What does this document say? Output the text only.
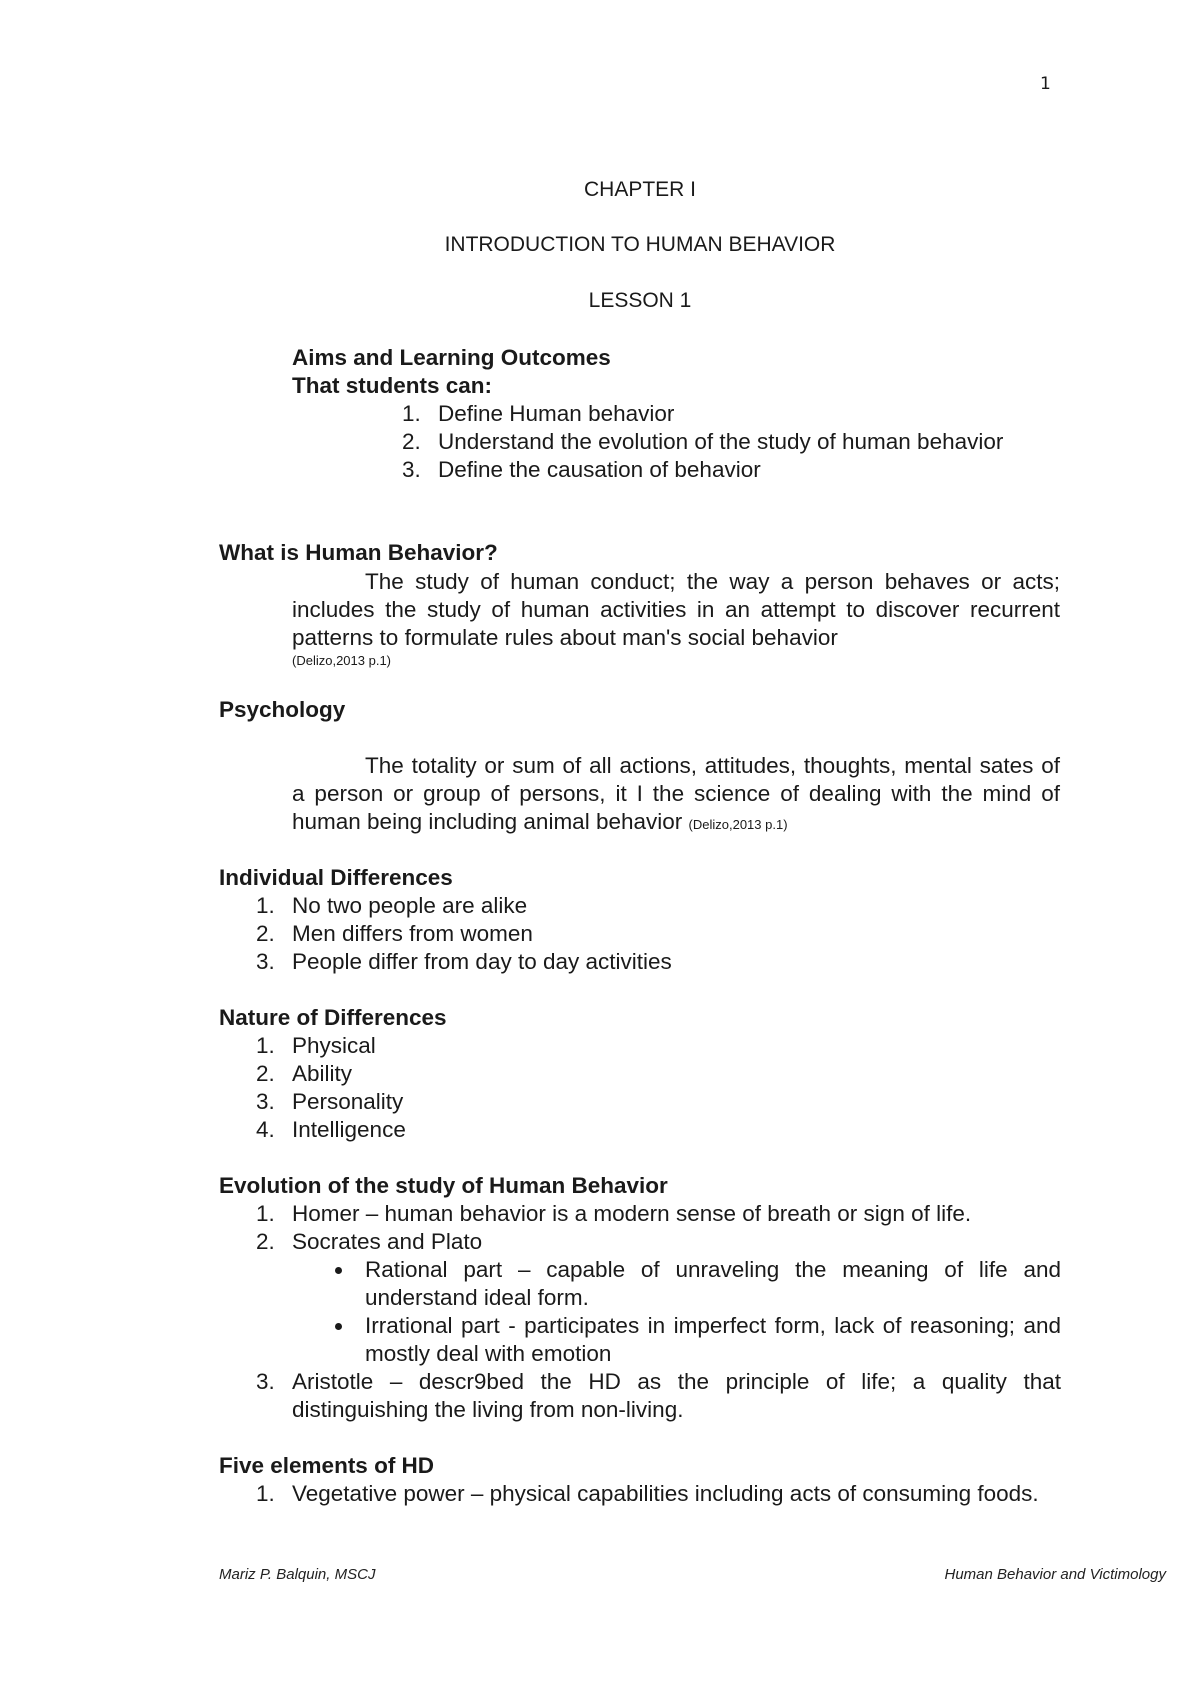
1
CHAPTER I
INTRODUCTION TO HUMAN BEHAVIOR
LESSON 1
Aims and Learning Outcomes
That students can:
1. Define Human behavior
2. Understand the evolution of the study of human behavior
3. Define the causation of behavior
What is Human Behavior?
The study of human conduct; the way a person behaves or acts; includes the study of human activities in an attempt to discover recurrent patterns to formulate rules about man's social behavior
(Delizo,2013 p.1)
Psychology
The totality or sum of all actions, attitudes, thoughts, mental sates of a person or group of persons, it I the science of dealing with the mind of human being including animal behavior (Delizo,2013 p.1)
Individual Differences
1. No two people are alike
2. Men differs from women
3. People differ from day to day activities
Nature of Differences
1. Physical
2. Ability
3. Personality
4. Intelligence
Evolution of the study of Human Behavior
1. Homer – human behavior is a modern sense of breath or sign of life.
2. Socrates and Plato
Rational part – capable of unraveling the meaning of life and understand ideal form.
Irrational part - participates in imperfect form, lack of reasoning; and mostly deal with emotion
3. Aristotle – descr9bed the HD as the principle of life; a quality that distinguishing the living from non-living.
Five elements of HD
1. Vegetative power – physical capabilities including acts of consuming foods.
Mariz P. Balquin, MSCJ	Human Behavior and Victimology
